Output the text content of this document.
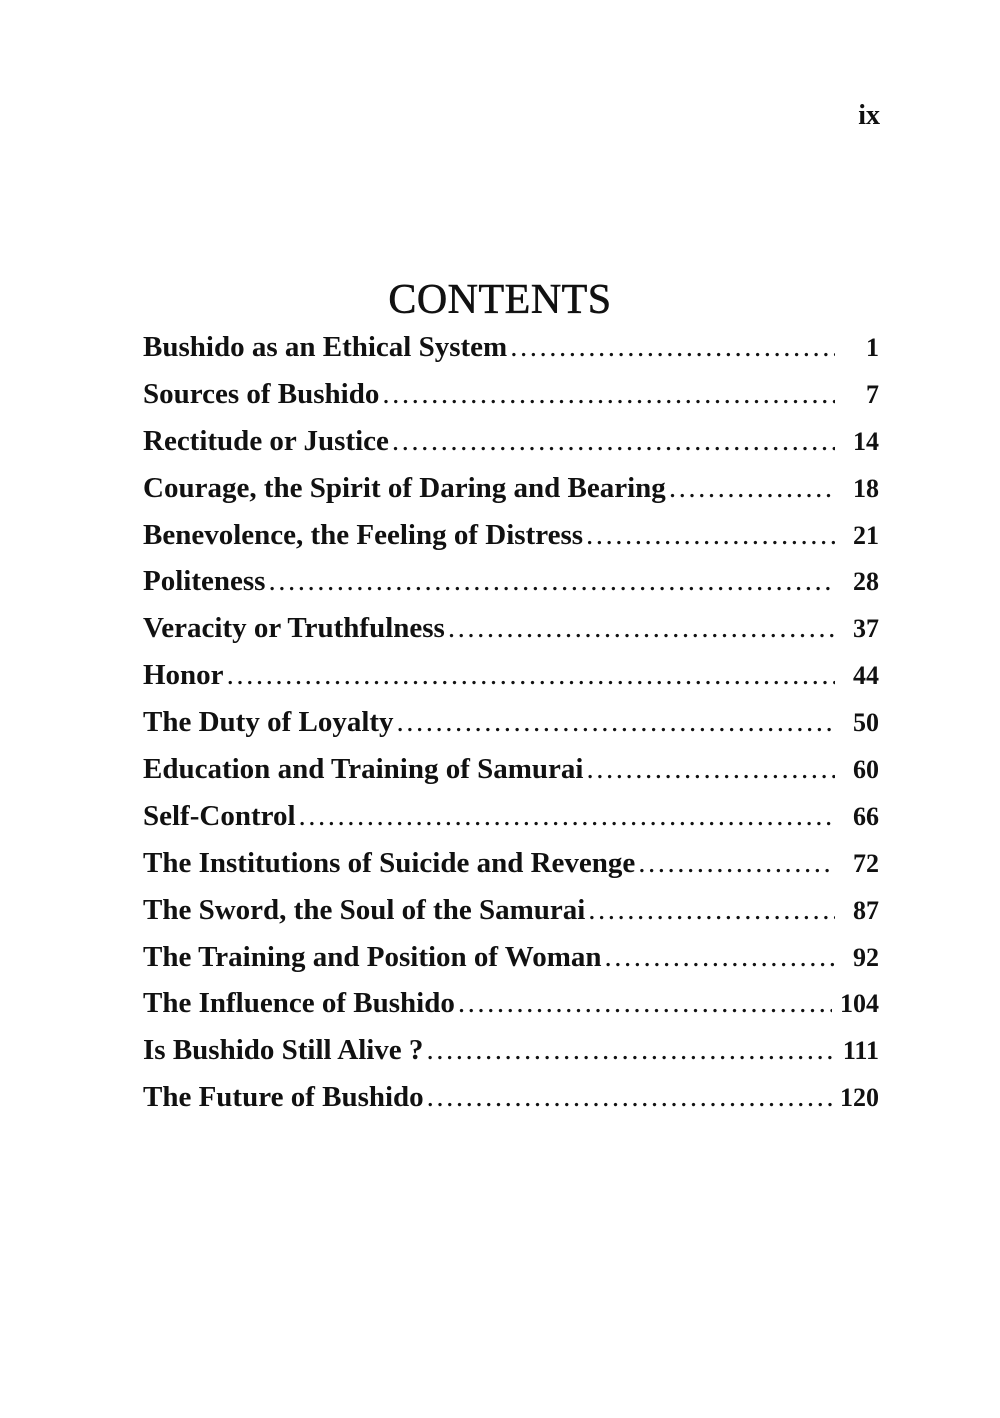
ix
CONTENTS
Bushido as an Ethical System .....	1
Sources of Bushido .....	7
Rectitude or Justice .....	14
Courage, the Spirit of Daring and Bearing .....	18
Benevolence, the Feeling of Distress .....	21
Politeness .....	28
Veracity or Truthfulness .....	37
Honor .....	44
The Duty of Loyalty .....	50
Education and Training of Samurai .....	60
Self-Control .....	66
The Institutions of Suicide and Revenge .....	72
The Sword, the Soul of the Samurai .....	87
The Training and Position of Woman .....	92
The Influence of Bushido .....	104
Is Bushido Still Alive ? .....	111
The Future of Bushido .....	120
